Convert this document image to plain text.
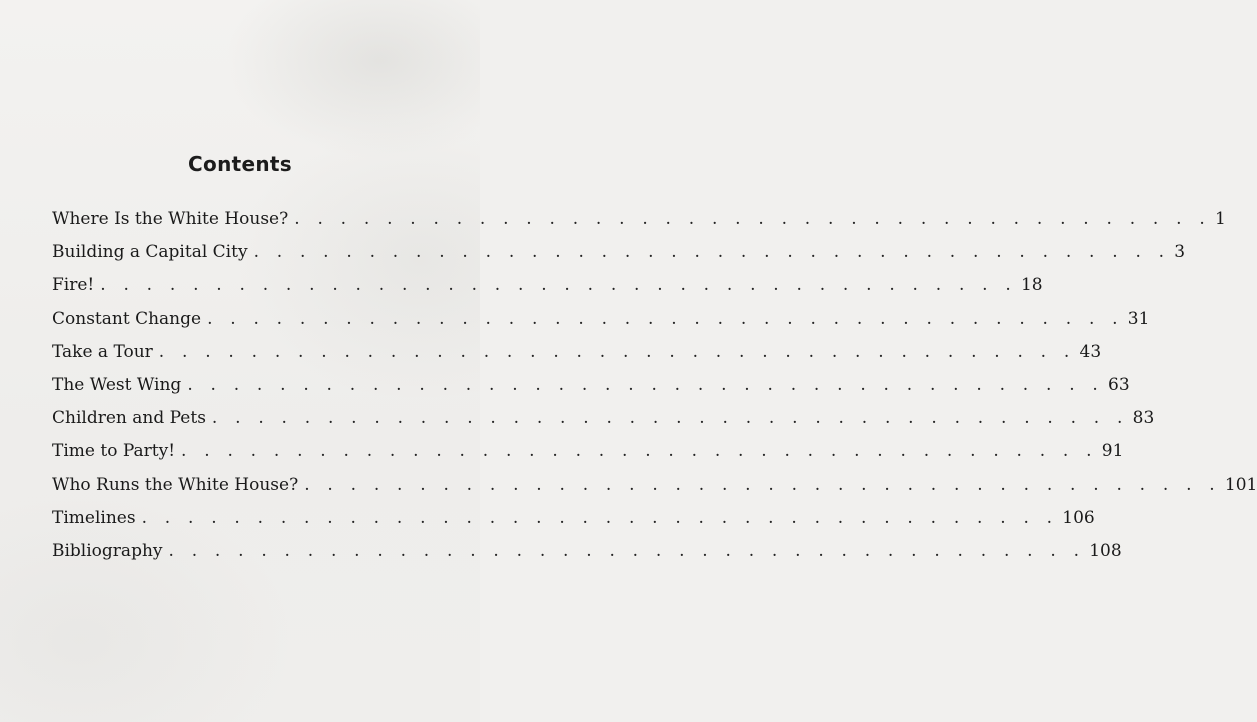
Contents
Where Is the White House? . . . . . . . . . . . . . . . . . . . . . . . . . . . . . . . . . . . . . . . . 1
Building a Capital City . . . . . . . . . . . . . . . . . . . . . . . . . . . . . . . . . . . . . . . . 3
Fire! . . . . . . . . . . . . . . . . . . . . . . . . . . . . . . . . . . . . . . . . 18
Constant Change . . . . . . . . . . . . . . . . . . . . . . . . . . . . . . . . . . . . . . . . 31
Take a Tour . . . . . . . . . . . . . . . . . . . . . . . . . . . . . . . . . . . . . . . . 43
The West Wing . . . . . . . . . . . . . . . . . . . . . . . . . . . . . . . . . . . . . . . . 63
Children and Pets . . . . . . . . . . . . . . . . . . . . . . . . . . . . . . . . . . . . . . . . 83
Time to Party! . . . . . . . . . . . . . . . . . . . . . . . . . . . . . . . . . . . . . . . . 91
Who Runs the White House? . . . . . . . . . . . . . . . . . . . . . . . . . . . . . . . . . . . . . . . . 101
Timelines . . . . . . . . . . . . . . . . . . . . . . . . . . . . . . . . . . . . . . . . 106
Bibliography . . . . . . . . . . . . . . . . . . . . . . . . . . . . . . . . . . . . . . . . 108
